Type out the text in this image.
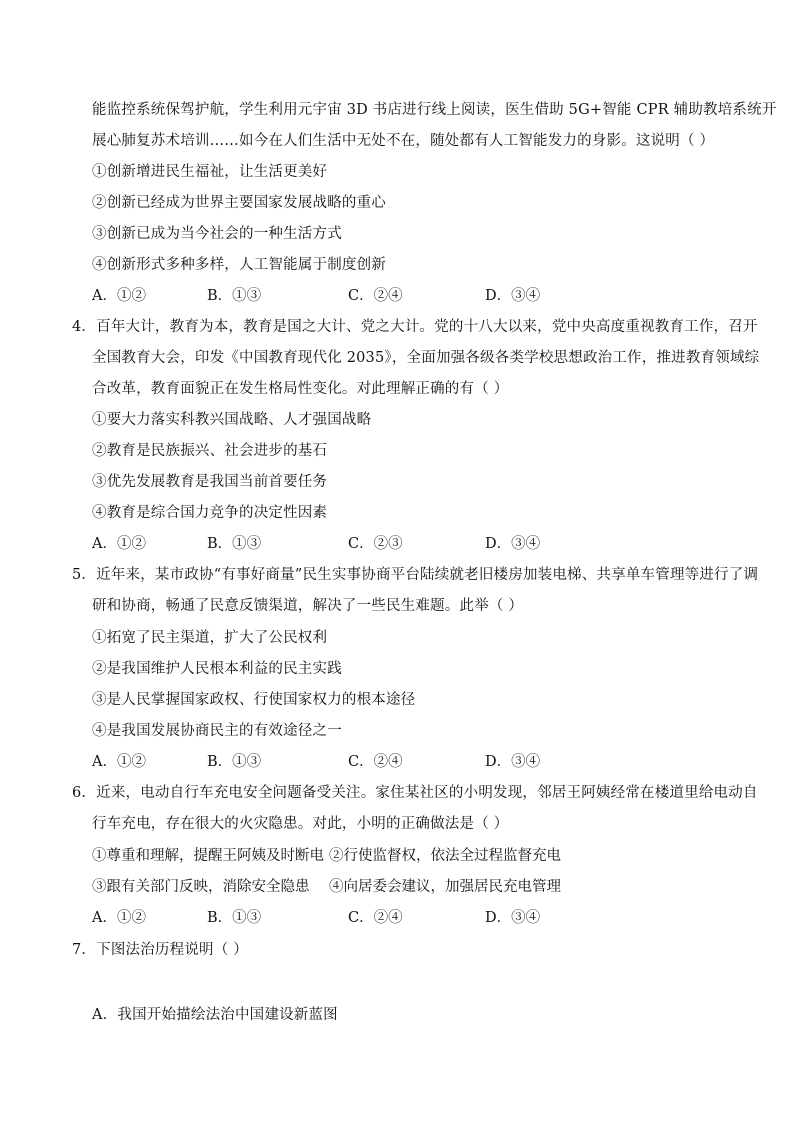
能监控系统保驾护航，学生利用元宇宙 3D 书店进行线上阅读，医生借助 5G+智能 CPR 辅助教培系统开
展心肺复苏术培训……如今在人们生活中无处不在，随处都有人工智能发力的身影。这说明（ ）
①创新增进民生福祉，让生活更美好
②创新已经成为世界主要国家发展战略的重心
③创新已成为当今社会的一种生活方式
④创新形式多种多样，人工智能属于制度创新
A．①②	B．①③	C．②④	D．③④
4．百年大计，教育为本，教育是国之大计、党之大计。党的十八大以来，党中央高度重视教育工作，召开
全国教育大会，印发《中国教育现代化 2035》，全面加强各级各类学校思想政治工作，推进教育领域综
合改革，教育面貌正在发生格局性变化。对此理解正确的有（ ）
①要大力落实科教兴国战略、人才强国战略
②教育是民族振兴、社会进步的基石
③优先发展教育是我国当前首要任务
④教育是综合国力竞争的决定性因素
A．①②	B．①③	C．②③	D．③④
5．近年来，某市政协“有事好商量”民生实事协商平台陆续就老旧楼房加装电梯、共享单车管理等进行了调
研和协商，畅通了民意反馈渠道，解决了一些民生难题。此举（ ）
①拓宽了民主渠道，扩大了公民权利
②是我国维护人民根本利益的民主实践
③是人民掌握国家政权、行使国家权力的根本途径
④是我国发展协商民主的有效途径之一
A．①②	B．①③	C．②④	D．③④
6．近来，电动自行车充电安全问题备受关注。家住某社区的小明发现，邻居王阿姨经常在楼道里给电动自
行车充电，存在很大的火灾隐患。对此，小明的正确做法是（ ）
①尊重和理解，提醒王阿姨及时断电 ②行使监督权，依法全过程监督充电
③跟有关部门反映，消除安全隐患 ④向居委会建议，加强居民充电管理
A．①②	B．①③	C．②④	D．③④
7．下图法治历程说明（ ）
A．我国开始描绘法治中国建设新蓝图
